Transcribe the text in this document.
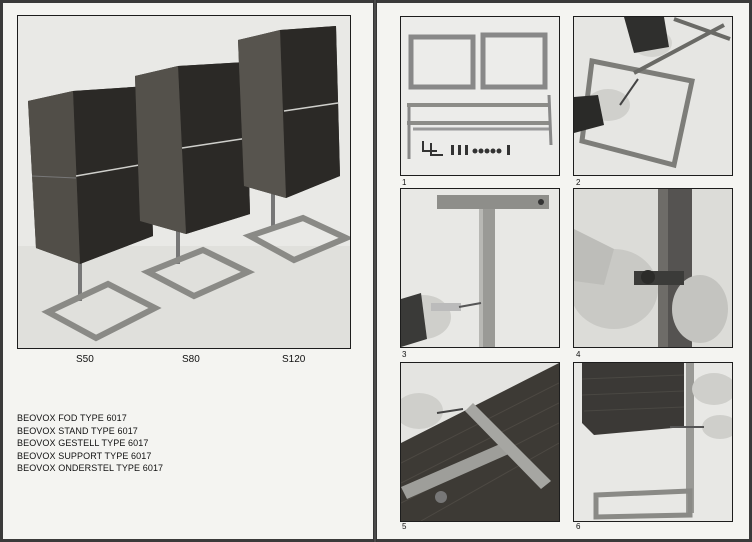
S50	S80	S120
BEOVOX FOD TYPE 6017
BEOVOX STAND TYPE 6017
BEOVOX GESTELL TYPE 6017
BEOVOX SUPPORT TYPE 6017
BEOVOX ONDERSTEL TYPE 6017
1	2
3	4
5	6
